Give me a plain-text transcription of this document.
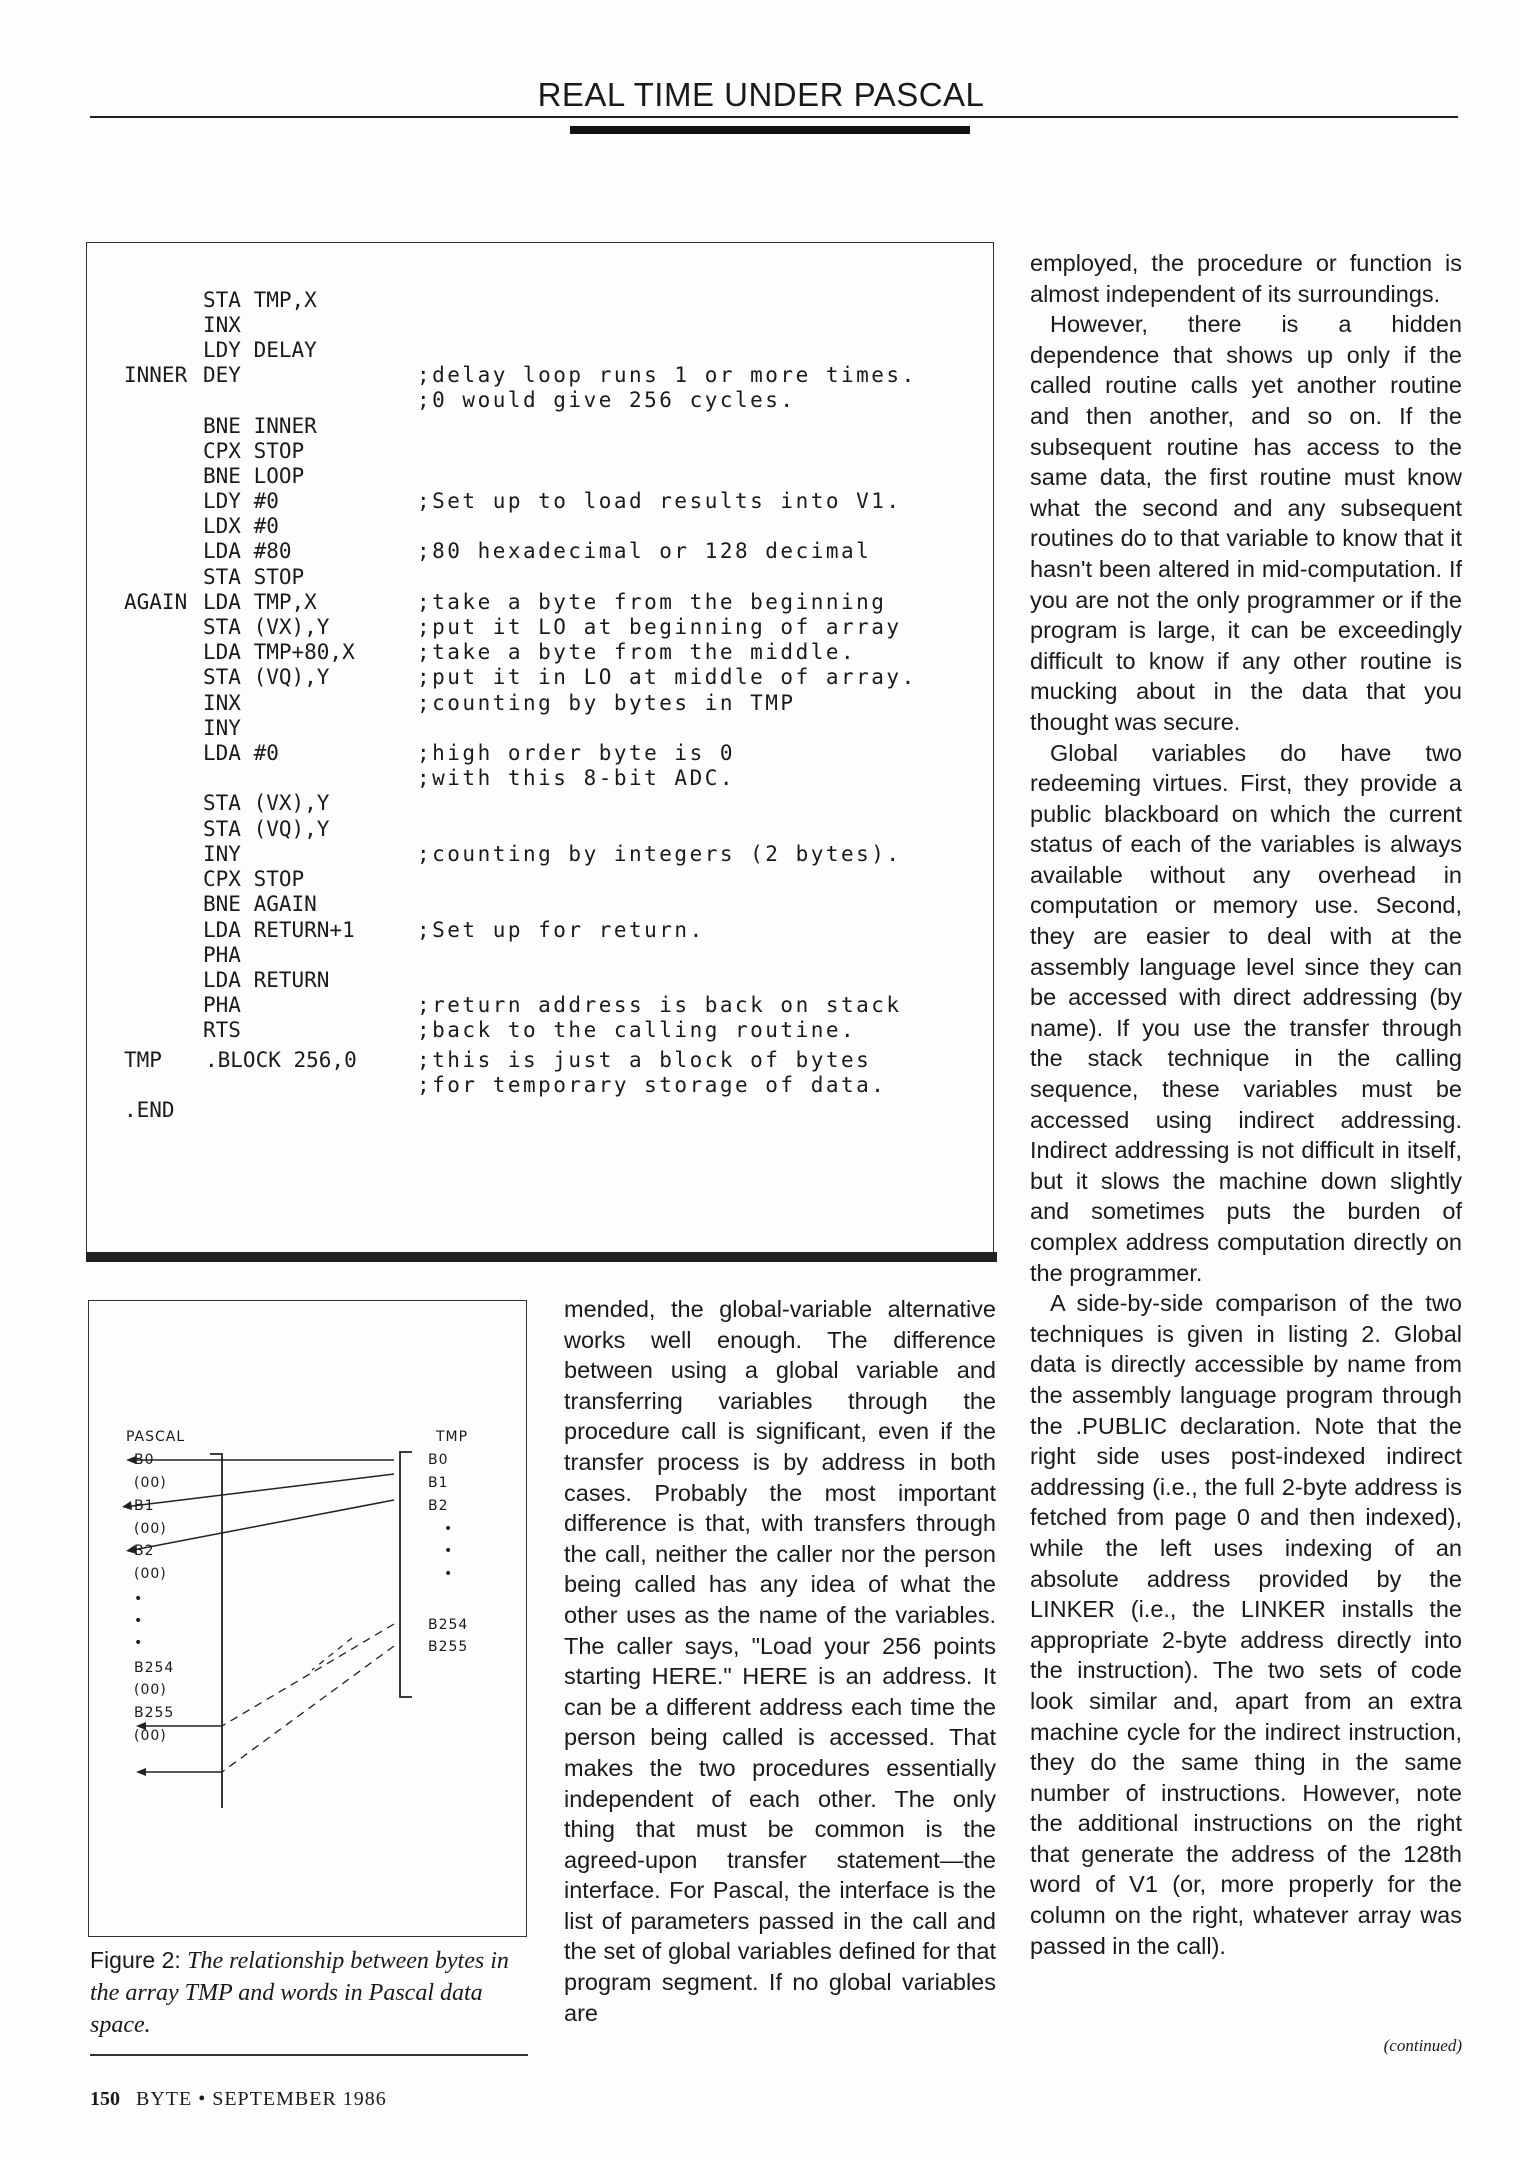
REAL TIME UNDER PASCAL
STA TMP,X
INX
LDY DELAY
INNER DEY	;delay loop runs 1 or more times.
;0 would give 256 cycles.
BNE INNER
CPX STOP
BNE LOOP
LDY #0	;Set up to load results into V1.
LDX #0
LDA #80	;80 hexadecimal or 128 decimal
STA STOP
AGAIN LDA TMP,X	;take a byte from the beginning
STA (VX),Y	;put it LO at beginning of array
LDA TMP+80,X	;take a byte from the middle.
STA (VQ),Y	;put it in LO at middle of array.
INX	;counting by bytes in TMP
INY
LDA #0	;high order byte is 0
;with this 8-bit ADC.
STA (VX),Y
STA (VQ),Y
INY	;counting by integers (2 bytes).
CPX STOP
BNE AGAIN
LDA RETURN+1	;Set up for return.
PHA
LDA RETURN
PHA	;return address is back on stack
RTS	;back to the calling routine.
TMP .BLOCK 256,0	;this is just a block of bytes
;for temporary storage of data.
.END
PASCAL	TMP
B0
(00)
B1
(00)
B2
(00)
•
•
•
B254
(00)
B255
(00)
B0
B1
B2
•
•
•
B254
B255
Figure 2: The relationship between bytes in the array TMP and words in Pascal data space.

mended, the global-variable alternative works well enough. The difference between using a global variable and transferring variables through the procedure call is significant, even if the transfer process is by address in both cases. Probably the most important difference is that, with transfers through the call, neither the caller nor the person being called has any idea of what the other uses as the name of the variables. The caller says, "Load your 256 points starting HERE." HERE is an address. It can be a different address each time the person being called is accessed. That makes the two procedures essentially independent of each other. The only thing that must be common is the agreed-upon transfer statement—the interface. For Pascal, the interface is the list of parameters passed in the call and the set of global variables defined for that program segment. If no global variables are

employed, the procedure or function is almost independent of its surroundings.

However, there is a hidden dependence that shows up only if the called routine calls yet another routine and then another, and so on. If the subsequent routine has access to the same data, the first routine must know what the second and any subsequent routines do to that variable to know that it hasn't been altered in mid-computation. If you are not the only programmer or if the program is large, it can be exceedingly difficult to know if any other routine is mucking about in the data that you thought was secure.

Global variables do have two redeeming virtues. First, they provide a public blackboard on which the current status of each of the variables is always available without any overhead in computation or memory use. Second, they are easier to deal with at the assembly language level since they can be accessed with direct addressing (by name). If you use the transfer through the stack technique in the calling sequence, these variables must be accessed using indirect addressing. Indirect addressing is not difficult in itself, but it slows the machine down slightly and sometimes puts the burden of complex address computation directly on the programmer.

A side-by-side comparison of the two techniques is given in listing 2. Global data is directly accessible by name from the assembly language program through the .PUBLIC declaration. Note that the right side uses post-indexed indirect addressing (i.e., the full 2-byte address is fetched from page 0 and then indexed), while the left uses indexing of an absolute address provided by the LINKER (i.e., the LINKER installs the appropriate 2-byte address directly into the instruction). The two sets of code look similar and, apart from an extra machine cycle for the indirect instruction, they do the same thing in the same number of instructions. However, note the additional instructions on the right that generate the address of the 128th word of V1 (or, more properly for the column on the right, whatever array was passed in the call).

(continued)
150 BYTE • SEPTEMBER 1986
